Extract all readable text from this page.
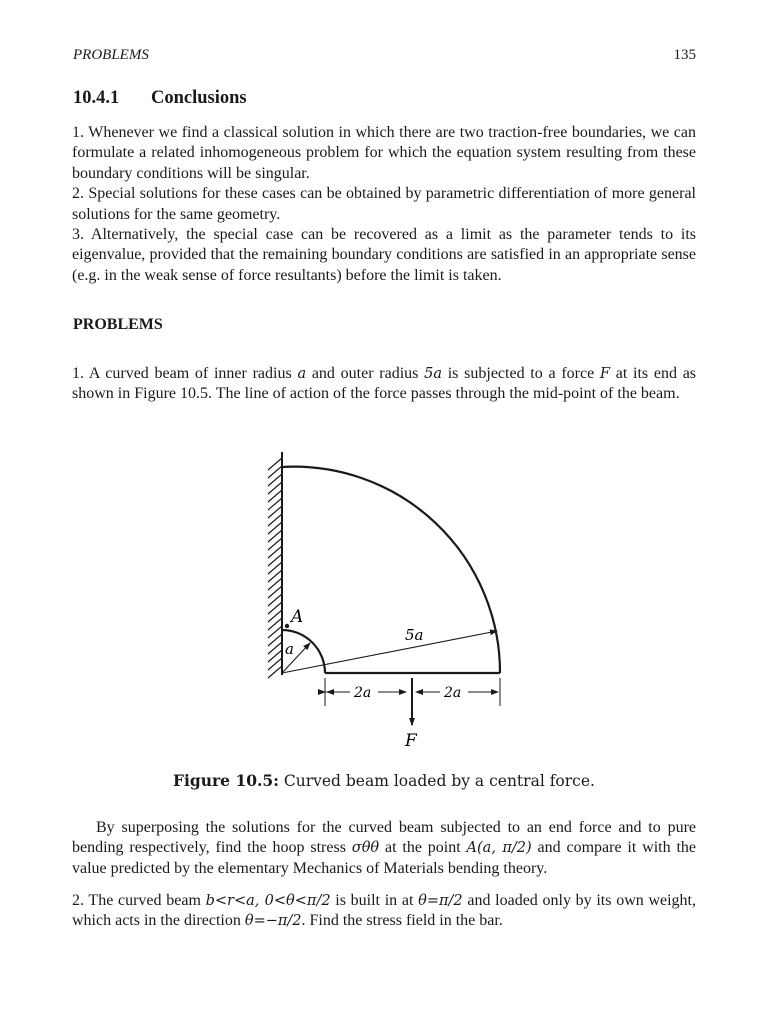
PROBLEMS	135
10.4.1 Conclusions

1. Whenever we find a classical solution in which there are two traction-free boundaries, we can formulate a related inhomogeneous problem for which the equation system resulting from these boundary conditions will be singular.

2. Special solutions for these cases can be obtained by parametric differentiation of more general solutions for the same geometry.

3. Alternatively, the special case can be recovered as a limit as the parameter tends to its eigenvalue, provided that the remaining boundary conditions are satisfied in an appropriate sense (e.g. in the weak sense of force resultants) before the limit is taken.

PROBLEMS

1. A curved beam of inner radius a and outer radius 5a is subjected to a force F at its end as shown in Figure 10.5. The line of action of the force passes through the mid-point of the beam.

A
a
5a
2a	2a
F
Figure 10.5: Curved beam loaded by a central force.

By superposing the solutions for the curved beam subjected to an end force and to pure bending respectively, find the hoop stress σθθ at the point A(a, π/2) and compare it with the value predicted by the elementary Mechanics of Materials bending theory.

2. The curved beam b<r<a, 0<θ<π/2 is built in at θ=π/2 and loaded only by its own weight, which acts in the direction θ=−π/2. Find the stress field in the bar.
